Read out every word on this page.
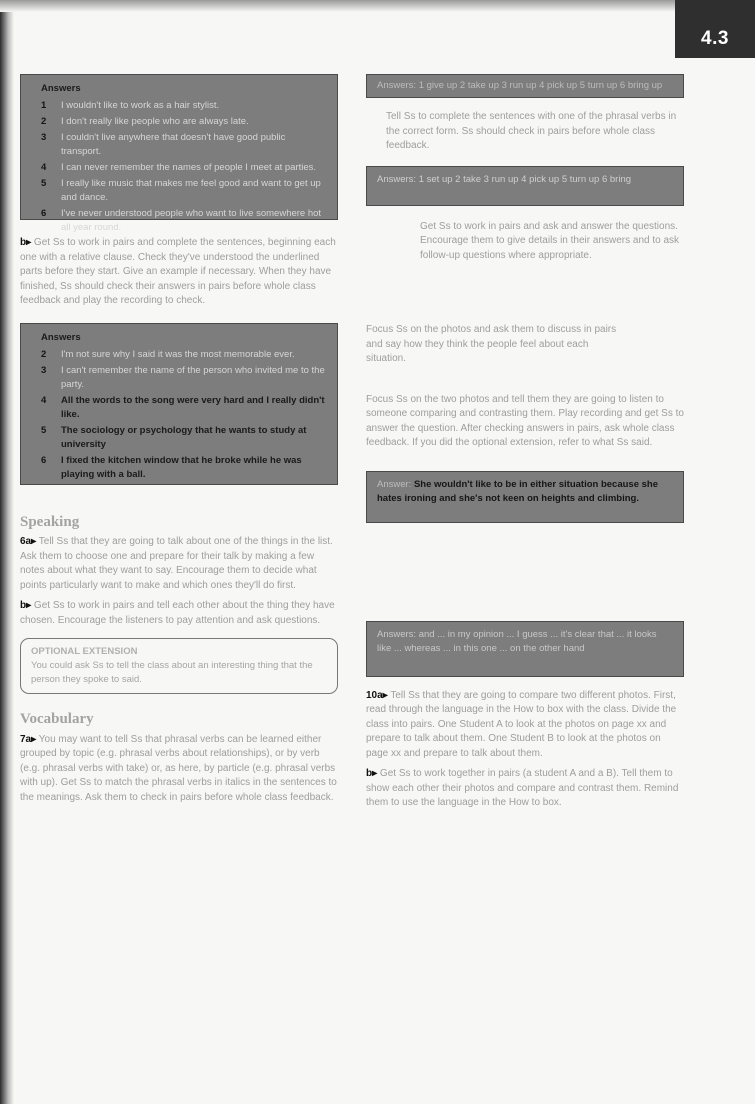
4.3
Answers
1	I wouldn't like to work as a hair stylist.
2	I don't really like people who are always late.
3	I couldn't live anywhere that doesn't have good public transport.
4	I can never remember the names of people I meet at parties.
5	I really like music that makes me feel good and want to get up and dance.
6	I've never understood people who want to live somewhere hot all year round.

b▸ Get Ss to work in pairs and complete the sentences, beginning each one with a relative clause. Check they've understood the underlined parts before they start. Give an example if necessary. When they have finished, Ss should check their answers in pairs before whole class feedback and play the recording to check.

Answers
2	I'm not sure why I said it was the most memorable ever.
3	I can't remember the name of the person who invited me to the party.
4	All the words to the song were very hard and I really didn't like.
5	The sociology or psychology that he wants to study at university
6	I fixed the kitchen window that he broke while he was playing with a ball.
Speaking

6a▸ Tell Ss that they are going to talk about one of the things in the list. Ask them to choose one and prepare for their talk by making a few notes about what they want to say. Encourage them to decide what points particularly want to make and which ones they'll do first.

b▸ Get Ss to work in pairs and tell each other about the thing they have chosen. Encourage the listeners to pay attention and ask questions.

OPTIONAL EXTENSION
You could ask Ss to tell the class about an interesting thing that the person they spoke to said.
Vocabulary

7a▸ You may want to tell Ss that phrasal verbs can be learned either grouped by topic (e.g. phrasal verbs about relationships), or by verb (e.g. phrasal verbs with take) or, as here, by particle (e.g. phrasal verbs with up). Get Ss to match the phrasal verbs in italics in the sentences to the meanings. Ask them to check in pairs before whole class feedback.

Answers: 1 give up 2 take up 3 run up 4 pick up 5 turn up 6 bring up

Tell Ss to complete the sentences with one of the phrasal verbs in the correct form. Ss should check in pairs before whole class feedback.

Answers: 1 set up 2 take 3 run up 4 pick up 5 turn up 6 bring

Get Ss to work in pairs and ask and answer the questions. Encourage them to give details in their answers and to ask follow-up questions where appropriate.

Focus Ss on the photos and ask them to discuss in pairs and say how they think the people feel about each situation.

Focus Ss on the two photos and tell them they are going to listen to someone comparing and contrasting them. Play recording and get Ss to answer the question. After checking answers in pairs, ask whole class feedback. If you did the optional extension, refer to what Ss said.

Answer: She wouldn't like to be in either situation because she hates ironing and she's not keen on heights and climbing.
Answers: and ... in my opinion ... I guess ... it's clear that ... it looks like ... whereas ... in this one ... on the other hand

10a▸ Tell Ss that they are going to compare two different photos. First, read through the language in the How to box with the class. Divide the class into pairs. One Student A to look at the photos on page xx and prepare to talk about them. One Student B to look at the photos on page xx and prepare to talk about them.

b▸ Get Ss to work together in pairs (a student A and a B). Tell them to show each other their photos and compare and contrast them. Remind them to use the language in the How to box.
